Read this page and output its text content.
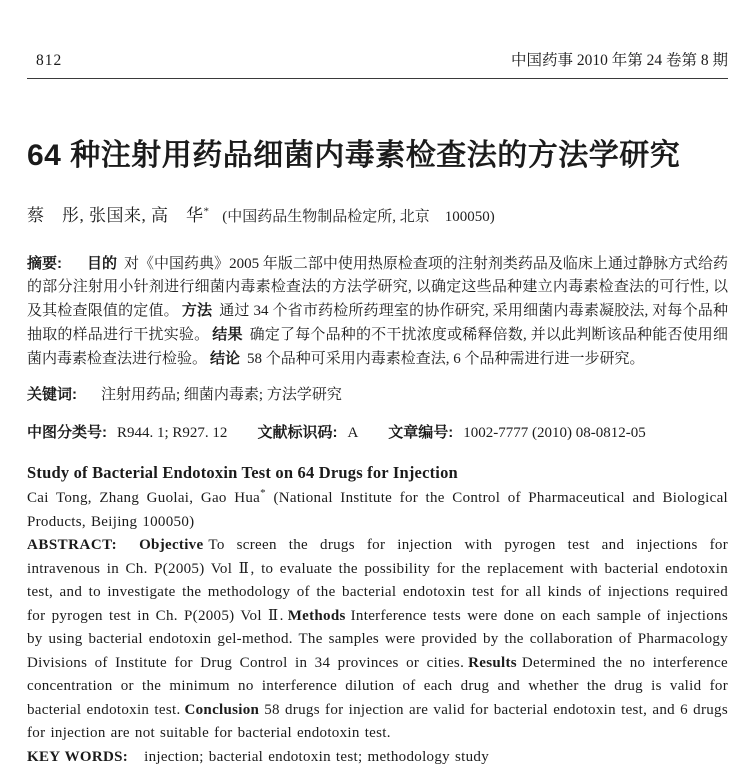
812	中国药事 2010 年第 24 卷第 8 期
64 种注射用药品细菌内毒素检查法的方法学研究
蔡　彤, 张国来, 高　华* (中国药品生物制品检定所, 北京　100050)

摘要: 目的 对《中国药典》2005 年版二部中使用热原检查项的注射剂类药品及临床上通过静脉方式给药的部分注射用小针剂进行细菌内毒素检查法的方法学研究, 以确定这些品种建立内毒素检查法的可行性, 以及其检查限值的定值。 方法 通过 34 个省市药检所药理室的协作研究, 采用细菌内毒素凝胶法, 对每个品种抽取的样品进行干扰实验。 结果 确定了每个品种的不干扰浓度或稀释倍数, 并以此判断该品种能否使用细菌内毒素检查法进行检验。 结论 58 个品种可采用内毒素检查法, 6 个品种需进行进一步研究。

关键词: 注射用药品; 细菌内毒素; 方法学研究

中图分类号: R944. 1; R927. 12 文献标识码: A 文章编号: 1002-7777 (2010) 08-0812-05

Study of Bacterial Endotoxin Test on 64 Drugs for Injection

Cai Tong, Zhang Guolai, Gao Hua* (National Institute for the Control of Pharmaceutical and Biological Products, Beijing 100050)

ABSTRACT: Objective To screen the drugs for injection with pyrogen test and injections for intravenous in Ch. P(2005) Vol Ⅱ, to evaluate the possibility for the replacement with bacterial endotoxin test, and to investigate the methodology of the bacterial endotoxin test for all kinds of injections required for pyrogen test in Ch. P(2005) Vol Ⅱ. Methods Interference tests were done on each sample of injections by using bacterial endotoxin gel-method. The samples were provided by the collaboration of Pharmacology Divisions of Institute for Drug Control in 34 provinces or cities. Results Determined the no interference concentration or the minimum no interference dilution of each drug and whether the drug is valid for bacterial endotoxin test. Conclusion 58 drugs for injection are valid for bacterial endotoxin test, and 6 drugs for injection are not suitable for bacterial endotoxin test.

KEY WORDS: injection; bacterial endotoxin test; methodology study
